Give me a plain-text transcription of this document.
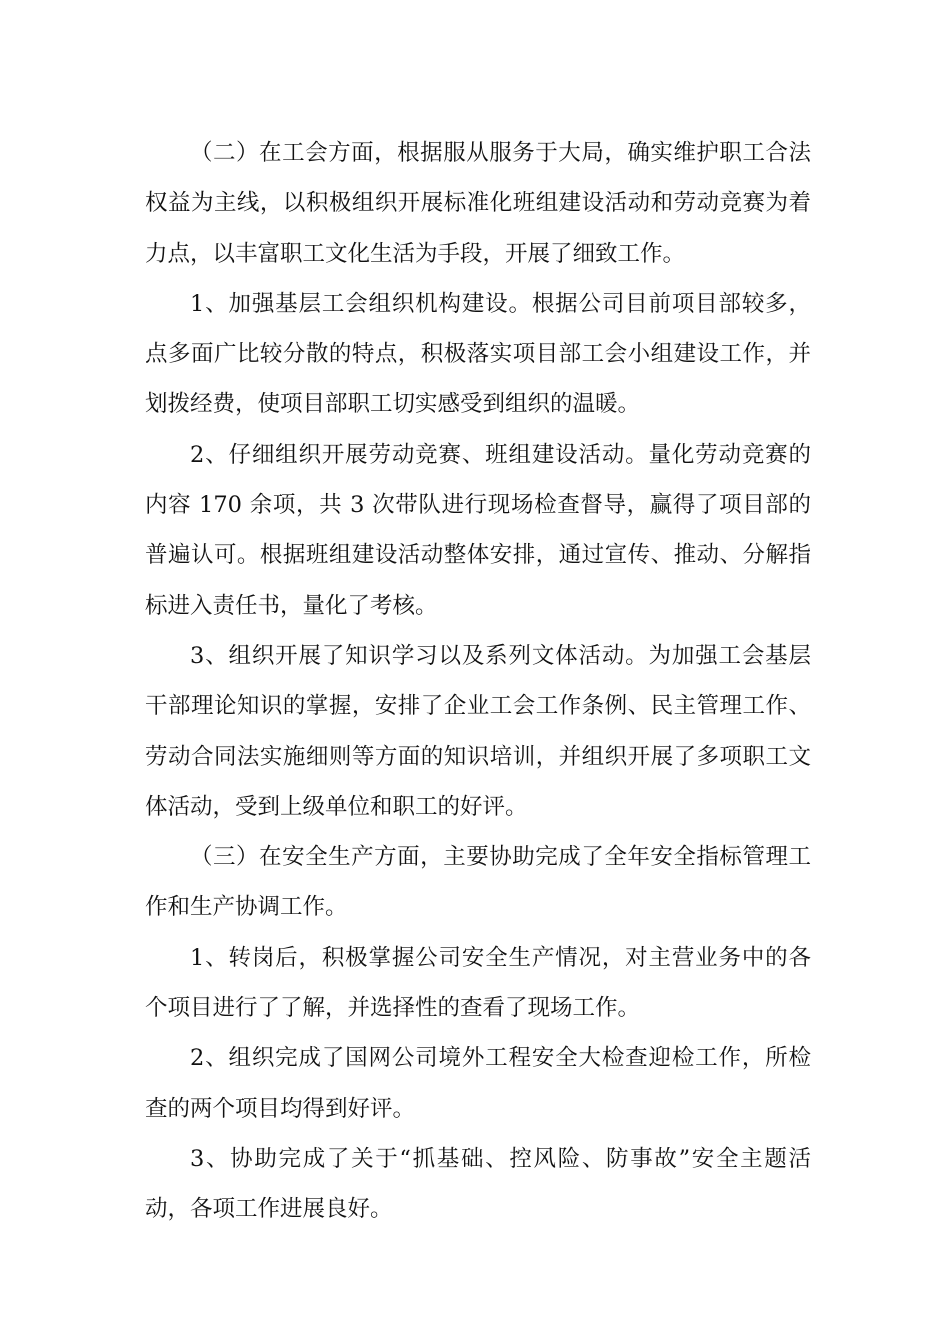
（二）在工会方面，根据服从服务于大局，确实维护职工合法权益为主线，以积极组织开展标准化班组建设活动和劳动竞赛为着力点，以丰富职工文化生活为手段，开展了细致工作。

1、加强基层工会组织机构建设。根据公司目前项目部较多，点多面广比较分散的特点，积极落实项目部工会小组建设工作，并划拨经费，使项目部职工切实感受到组织的温暖。

2、仔细组织开展劳动竞赛、班组建设活动。量化劳动竞赛的内容 170 余项，共 3 次带队进行现场检查督导，赢得了项目部的普遍认可。根据班组建设活动整体安排，通过宣传、推动、分解指标进入责任书，量化了考核。

3、组织开展了知识学习以及系列文体活动。为加强工会基层干部理论知识的掌握，安排了企业工会工作条例、民主管理工作、劳动合同法实施细则等方面的知识培训，并组织开展了多项职工文体活动，受到上级单位和职工的好评。

（三）在安全生产方面，主要协助完成了全年安全指标管理工作和生产协调工作。

1、转岗后，积极掌握公司安全生产情况，对主营业务中的各个项目进行了了解，并选择性的查看了现场工作。

2、组织完成了国网公司境外工程安全大检查迎检工作，所检查的两个项目均得到好评。

3、协助完成了关于“抓基础、控风险、防事故”安全主题活动，各项工作进展良好。
